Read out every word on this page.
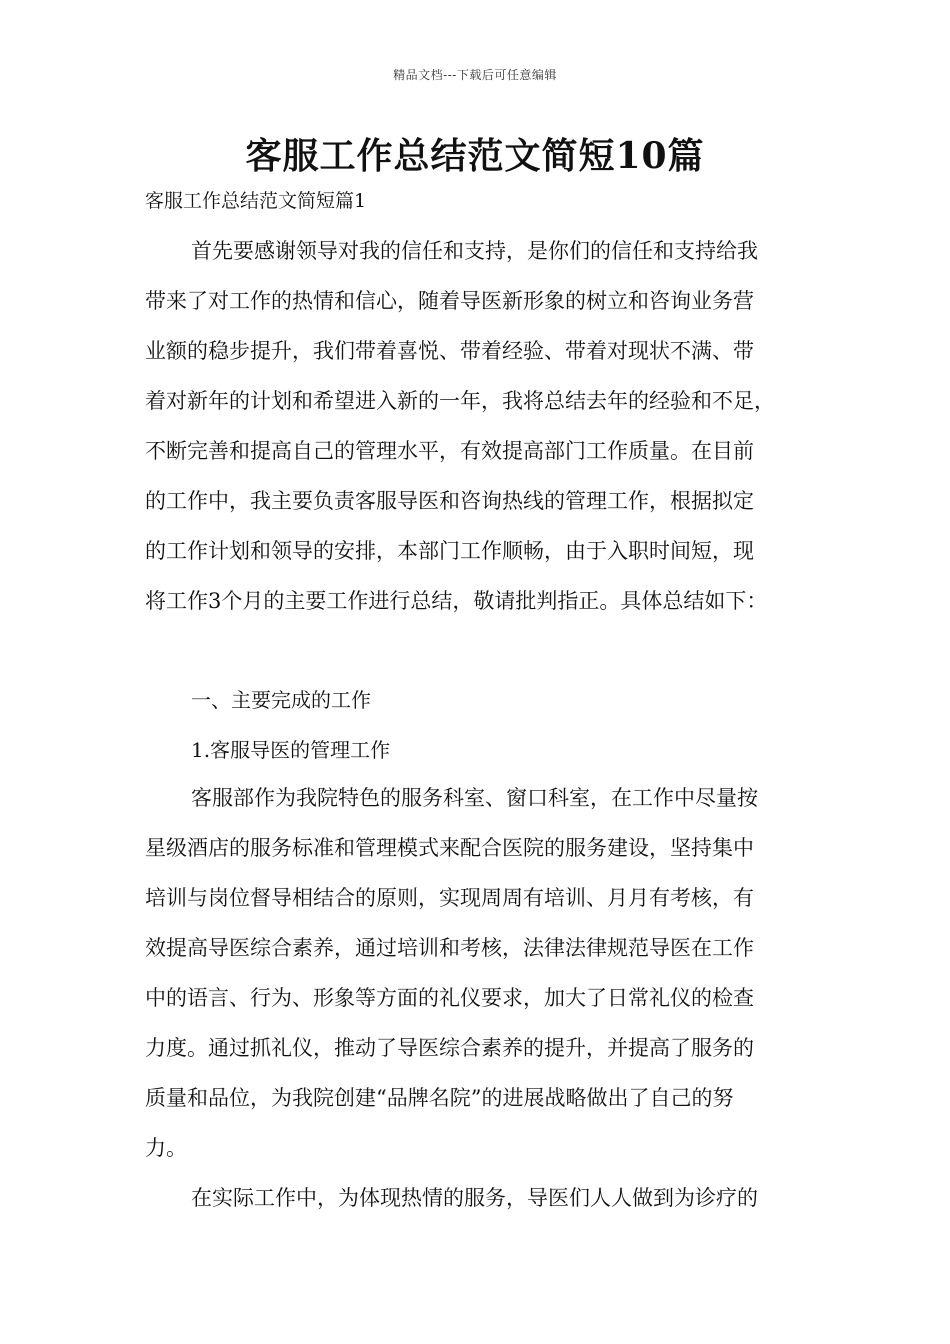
精品文档---下载后可任意编辑
客服工作总结范文简短10篇
客服工作总结范文简短篇1
首先要感谢领导对我的信任和支持，是你们的信任和支持给我
带来了对工作的热情和信心，随着导医新形象的树立和咨询业务营
业额的稳步提升，我们带着喜悦、带着经验、带着对现状不满、带
着对新年的计划和希望进入新的一年，我将总结去年的经验和不足，
不断完善和提高自己的管理水平，有效提高部门工作质量。在目前
的工作中，我主要负责客服导医和咨询热线的管理工作，根据拟定
的工作计划和领导的安排，本部门工作顺畅，由于入职时间短，现
将工作3个月的主要工作进行总结，敬请批判指正。具体总结如下：
一、主要完成的工作
1.客服导医的管理工作
客服部作为我院特色的服务科室、窗口科室，在工作中尽量按
星级酒店的服务标准和管理模式来配合医院的服务建设，坚持集中
培训与岗位督导相结合的原则，实现周周有培训、月月有考核，有
效提高导医综合素养，通过培训和考核，法律法律规范导医在工作
中的语言、行为、形象等方面的礼仪要求，加大了日常礼仪的检查
力度。通过抓礼仪，推动了导医综合素养的提升，并提高了服务的
质量和品位，为我院创建“品牌名院”的进展战略做出了自己的努
力。
在实际工作中，为体现热情的服务，导医们人人做到为诊疗的
